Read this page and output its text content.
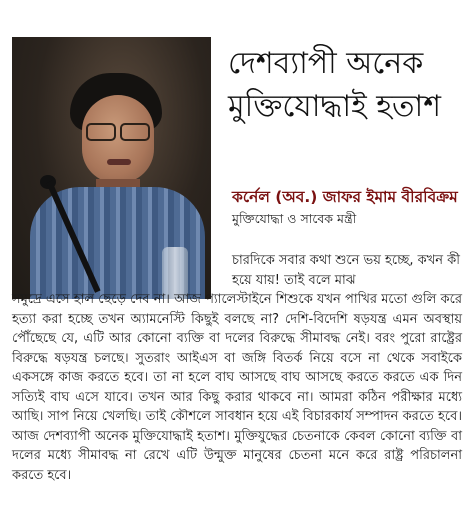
দেশব্যাপী অনেক মুক্তিযোদ্ধাই হতাশ
কর্নেল (অব.) জাফর ইমাম বীরবিক্রম
মুক্তিযোদ্ধা ও সাবেক মন্ত্রী

চারদিকে সবার কথা শুনে ভয় হচ্ছে, কখন কী হয়ে যায়! তাই বলে মাঝ

সমুদ্রে এসে হাল ছেড়ে দেব না। আজ প্যালেস্টাইনে শিশুকে যখন পাখির মতো গুলি করে হত্যা করা হচ্ছে তখন অ্যামনেস্টি কিছুই বলছে না? দেশি-বিদেশি ষড়যন্ত্র এমন অবস্থায় পৌঁছেছে যে, এটি আর কোনো ব্যক্তি বা দলের বিরুদ্ধে সীমাবদ্ধ নেই। বরং পুরো রাষ্ট্রের বিরুদ্ধে ষড়যন্ত্র চলছে। সুতরাং আইএস বা জঙ্গি বিতর্ক নিয়ে বসে না থেকে সবাইকে একসঙ্গে কাজ করতে হবে। তা না হলে বাঘ আসছে বাঘ আসছে করতে করতে এক দিন সত্যিই বাঘ এসে যাবে। তখন আর কিছু করার থাকবে না। আমরা কঠিন পরীক্ষার মধ্যে আছি। সাপ নিয়ে খেলছি। তাই কৌশলে সাবধান হয়ে এই বিচারকার্য সম্পাদন করতে হবে। আজ দেশব্যাপী অনেক মুক্তিযোদ্ধাই হতাশ। মুক্তিযুদ্ধের চেতনাকে কেবল কোনো ব্যক্তি বা দলের মধ্যে সীমাবদ্ধ না রেখে এটি উন্মুক্ত মানুষের চেতনা মনে করে রাষ্ট্র পরিচালনা করতে হবে।
